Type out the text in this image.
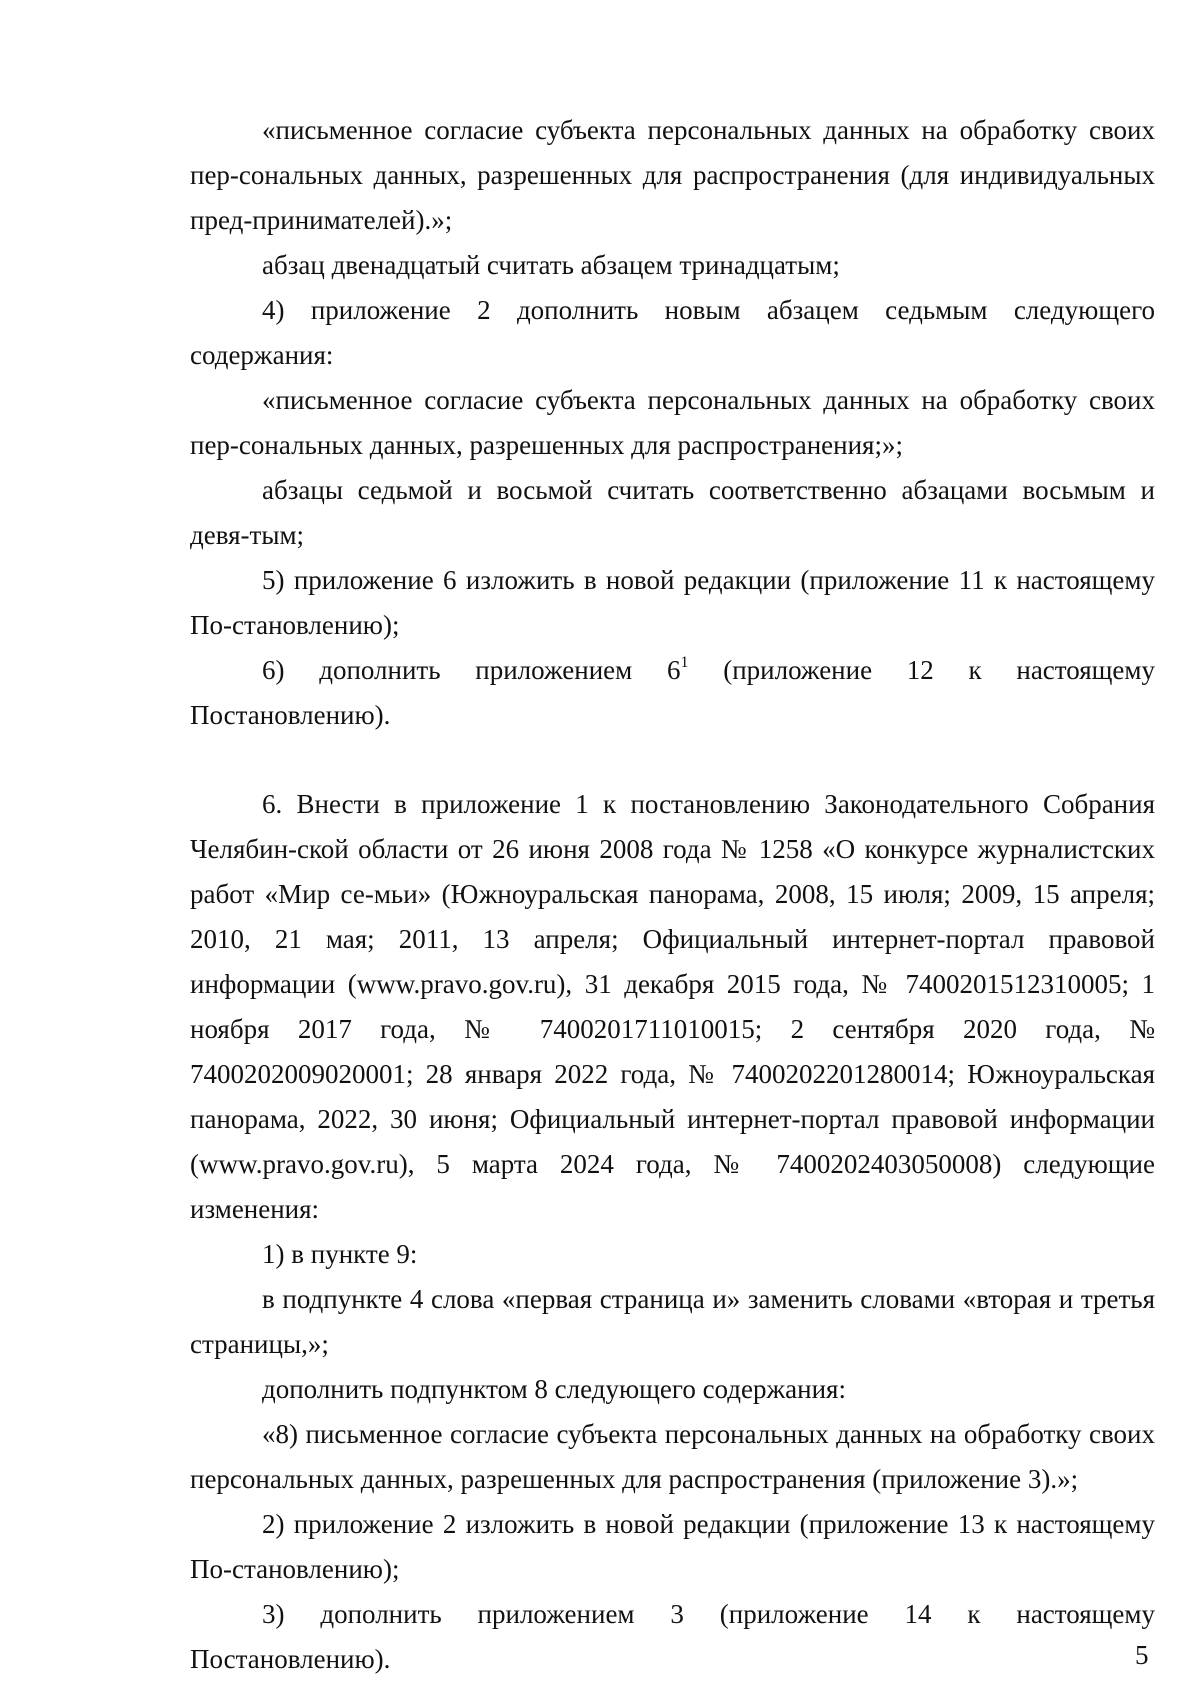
«письменное согласие субъекта персональных данных на обработку своих пер-сональных данных, разрешенных для распространения (для индивидуальных пред-принимателей).»;

абзац двенадцатый считать абзацем тринадцатым;

4) приложение 2 дополнить новым абзацем седьмым следующего содержания:

«письменное согласие субъекта персональных данных на обработку своих пер-сональных данных, разрешенных для распространения;»;

абзацы седьмой и восьмой считать соответственно абзацами восьмым и девя-тым;

5) приложение 6 изложить в новой редакции (приложение 11 к настоящему По-становлению);

6) дополнить приложением $6^1$ (приложение 12 к настоящему Постановлению).

6. Внести в приложение 1 к постановлению Законодательного Собрания Челябин-ской области от 26 июня 2008 года № 1258 «О конкурсе журналистских работ «Мир се-мьи» (Южноуральская панорама, 2008, 15 июля; 2009, 15 апреля; 2010, 21 мая; 2011, 13 апреля; Официальный интернет-портал правовой информации (www.pravo.gov.ru), 31 декабря 2015 года, № 7400201512310005; 1 ноября 2017 года, № 7400201711010015; 2 сентября 2020 года, № 7400202009020001; 28 января 2022 года, № 7400202201280014; Южноуральская панорама, 2022, 30 июня; Официальный интернет-портал правовой информации (www.pravo.gov.ru), 5 марта 2024 года, № 7400202403050008) следующие изменения:

1) в пункте 9:

в подпункте 4 слова «первая страница и» заменить словами «вторая и третья страницы,»;

дополнить подпунктом 8 следующего содержания:

«8) письменное согласие субъекта персональных данных на обработку своих персональных данных, разрешенных для распространения (приложение 3).»;

2) приложение 2 изложить в новой редакции (приложение 13 к настоящему По-становлению);

3) дополнить приложением 3 (приложение 14 к настоящему Постановлению).	5
